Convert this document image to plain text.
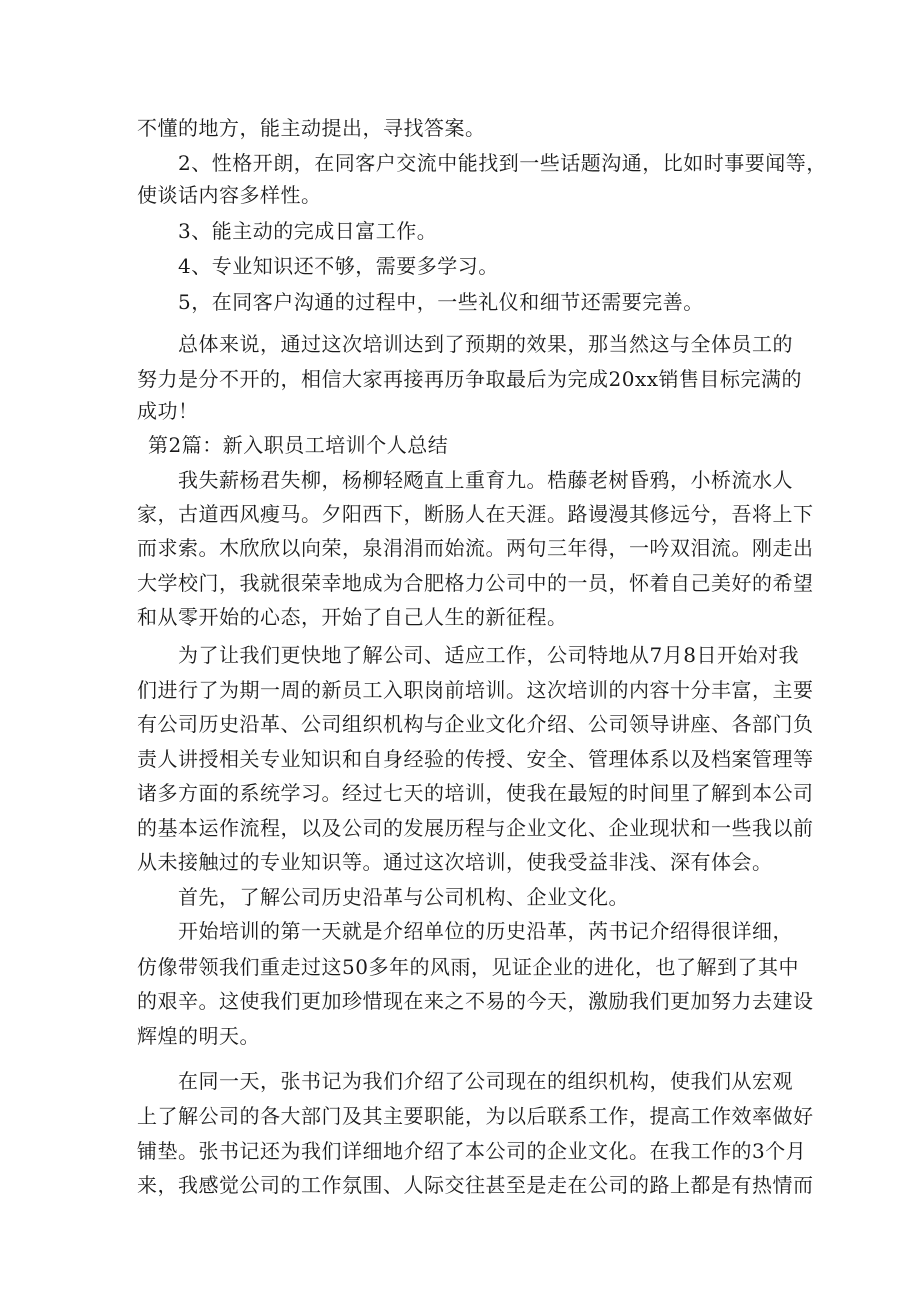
不懂的地方，能主动提出，寻找答案。
2、性格开朗，在同客户交流中能找到一些话题沟通，比如时事要闻等，
使谈话内容多样性。
3、能主动的完成日富工作。
4、专业知识还不够，需要多学习。
5，在同客户沟通的过程中，一些礼仪和细节还需要完善。
总体来说，通过这次培训达到了预期的效果，那当然这与全体员工的
努力是分不开的，相信大家再接再历争取最后为完成20xx销售目标完满的
成功！
第2篇：新入职员工培训个人总结
我失薪杨君失柳，杨柳轻飏直上重育九。梏藤老树昏鸦，小桥流水人
家，古道西风瘦马。夕阳西下，断肠人在天涯。路谩漫其修远兮，吾将上下
而求索。木欣欣以向荣，泉涓涓而始流。两句三年得，一吟双泪流。刚走出
大学校门，我就很荣幸地成为合肥格力公司中的一员，怀着自己美好的希望
和从零开始的心态，开始了自己人生的新征程。
为了让我们更快地了解公司、适应工作，公司特地从7月8日开始对我
们进行了为期一周的新员工入职岗前培训。这次培训的内容十分丰富，主要
有公司历史沿革、公司组织机构与企业文化介绍、公司领导讲座、各部门负
责人讲授相关专业知识和自身经验的传授、安全、管理体系以及档案管理等
诸多方面的系统学习。经过七天的培训，使我在最短的时间里了解到本公司
的基本运作流程，以及公司的发展历程与企业文化、企业现状和一些我以前
从未接触过的专业知识等。通过这次培训，使我受益非浅、深有体会。
首先，了解公司历史沿革与公司机构、企业文化。
开始培训的第一天就是介绍单位的历史沿革，芮书记介绍得很详细，
仿像带领我们重走过这50多年的风雨，见证企业的进化，也了解到了其中
的艰辛。这使我们更加珍惜现在来之不易的今天，激励我们更加努力去建设
辉煌的明天。
在同一天，张书记为我们介绍了公司现在的组织机构，使我们从宏观
上了解公司的各大部门及其主要职能，为以后联系工作，提高工作效率做好
铺垫。张书记还为我们详细地介绍了本公司的企业文化。在我工作的3个月
来，我感觉公司的工作氛围、人际交往甚至是走在公司的路上都是有热情而
